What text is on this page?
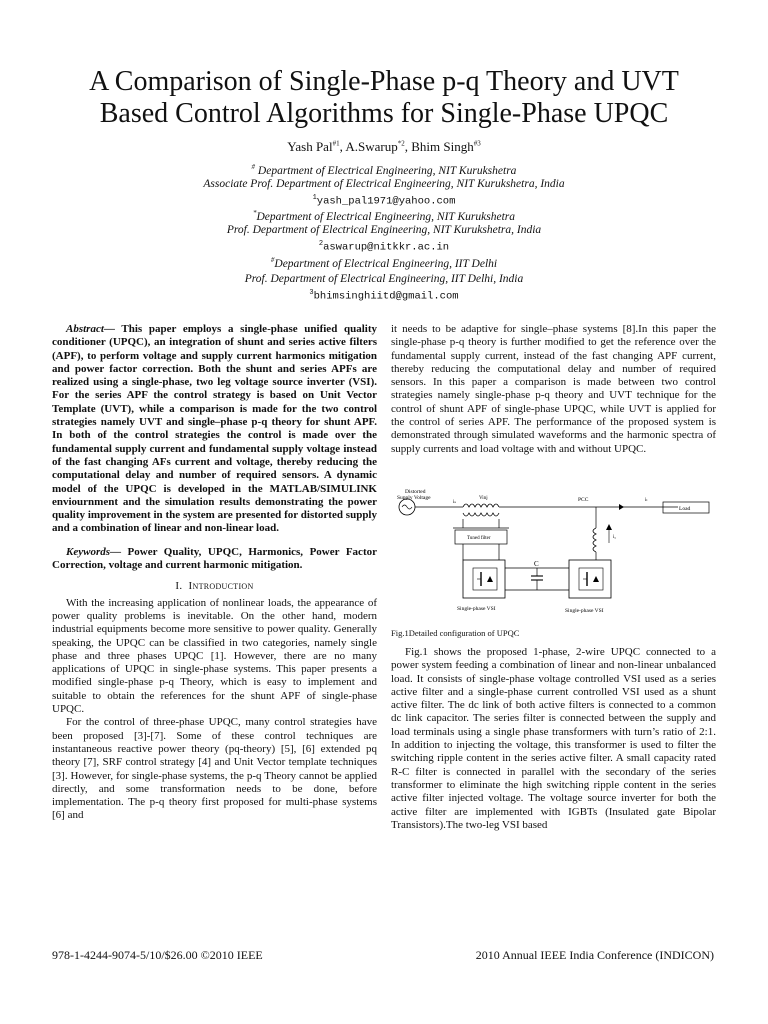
A Comparison of Single-Phase p-q Theory and UVT
Based Control Algorithms for Single-Phase UPQC
Yash Pal$^{\#1}$, A.Swarup$^{*2}$, Bhim Singh$^{\#3}$
# Department of Electrical Engineering, NIT Kurukshetra
Associate Prof. Department of Electrical Engineering, NIT Kurukshetra, India
$^1$yash_pal1971@yahoo.com
*Department of Electrical Engineering, NIT Kurukshetra
Prof. Department of Electrical Engineering, NIT Kurukshetra, India
$^2$aswarup@nitkkr.ac.in
#Department of Electrical Engineering, IIT Delhi
Prof. Department of Electrical Engineering, IIT Delhi, India
$^3$bhimsinghiitd@gmail.com

Abstract— This paper employs a single-phase unified quality conditioner (UPQC), an integration of shunt and series active filters (APF), to perform voltage and supply current harmonics mitigation and power factor correction. Both the shunt and series APFs are realized using a single-phase, two leg voltage source inverter (VSI). For the series APF the control strategy is based on Unit Vector Template (UVT), while a comparison is made for the two control strategies namely UVT and single–phase p-q theory for shunt APF. In both of the control strategies the control is made over the fundamental supply current and fundamental supply voltage instead of the fast changing AFs current and voltage, thereby reducing the computational delay and number of required sensors. A dynamic model of the UPQC is developed in the MATLAB/SIMULINK enviournment and the simulation results demonstrating the power quality improvement in the system are presented for distorted supply and a combination of linear and non-linear load.

Keywords— Power Quality, UPQC, Harmonics, Power Factor Correction, voltage and current harmonic mitigation.

I. Introduction

With the increasing application of nonlinear loads, the appearance of power quality problems is inevitable. On the other hand, modern industrial equipments become more sensitive to power quality. Generally speaking, the UPQC can be classified in two categories, namely single phase and three phases UPQC [1]. However, there are no many applications of UPQC in single-phase systems. This paper presents a modified single-phase p-q Theory, which is easy to implement and suitable to obtain the references for the shunt APF of single-phase UPQC.

For the control of three-phase UPQC, many control strategies have been proposed [3]-[7]. Some of these control techniques are instantaneous reactive power theory (pq-theory) [5], [6] extended pq theory [7], SRF control strategy [4] and Unit Vector template techniques [3]. However, for single-phase systems, the p-q Theory cannot be applied directly, and some transformation needs to be done, before implementation. The p-q theory first proposed for multi-phase systems [6] and

it needs to be adaptive for single–phase systems [8].In this paper the single-phase p-q theory is further modified to get the reference over the fundamental supply current, instead of the fast changing APF current, thereby reducing the computational delay and number of required sensors. In this paper a comparison is made between two control strategies namely single-phase p-q theory and UVT technique for the control of shunt APF of single-phase UPQC, while UVT is applied for the control of series APF. The performance of the proposed system is demonstrated through simulated waveforms and the harmonic spectra of supply currents and load voltage with and without UPQC.

Distorted
Supply Voltage
iₛ
Vinj	PCC	iₗ
Load
Tuned filter	i꜀
Single-phase VSI	Single-phase VSI
C
Fig.1Detailed configuration of UPQC

Fig.1 shows the proposed 1-phase, 2-wire UPQC connected to a power system feeding a combination of linear and non-linear unbalanced load. It consists of single-phase voltage controlled VSI used as a series active filter and a single-phase current controlled VSI used as a shunt active filter. The dc link of both active filters is connected to a common dc link capacitor. The series filter is connected between the supply and load terminals using a single phase transformers with turn’s ratio of 2:1. In addition to injecting the voltage, this transformer is used to filter the switching ripple content in the series active filter. A small capacity rated R-C filter is connected in parallel with the secondary of the series transformer to eliminate the high switching ripple content in the series active filter injected voltage. The voltage source inverter for both the active filter are implemented with IGBTs (Insulated gate Bipolar Transistors).The two-leg VSI based

978-1-4244-9074-5/10/$26.00 ©2010 IEEE	2010 Annual IEEE India Conference (INDICON)
